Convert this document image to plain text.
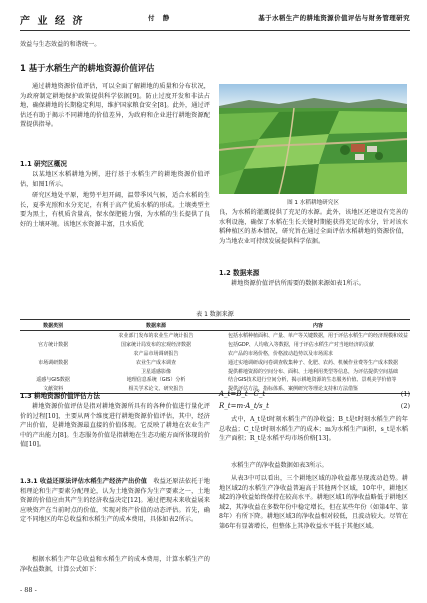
产 业 经 济	付 静	基于水稻生产的耕地资源价值评估与财务管理研究

效益与生态效益的和谐统一。

1 基于水稻生产的耕地资源价值评估

通过耕地资源价值评估，可以全面了解耕地的质量和分布状况，为政府制定耕地保护政策提供科学依据[9]。防止过度开发和非法占地，确保耕地的长期稳定利用，维护国家粮食安全[8]。此外，通过评估还有助于揭示不同耕地的价值差异，为政府和企业进行耕地资源配置提供指导。

1.1 研究区概况

以某地区水稻耕地为例，进行基于水稻生产的耕地资源价值评估，如图1所示。

研究区地处平原，地势平坦开阔，温带季风气候，适合水稻的生长，夏季光照和水分充足，有利于高产优质水稻的形成。土壤类型主要为黑土，有机质含量高，保水保肥能力强，为水稻的生长提供了良好的土壤环境。该地区水资源丰富，且水质优

图 1 水稻耕地研究区

良，为水稻的灌溉提供了充足的水源。此外，该地区还建设有完善的水利设施，确保了水稻在生长关键时期能获得充足的水分，针对该水稻种植区的基本情况，研究旨在通过全面评估水稻耕地的资源价值，为当地农业可持续发展提供科学依据。

1.2 数据来源

耕地资源价值评估所需要的数据来源如表1所示。

表 1 数据来源
数据类别	数据来源	内容
	农业部门发布的农业生产统计报告	包括水稻种植面积、产量、单产等关键数据，用于评估水稻生产的经济规模和效益
官方统计数据	国家统计局发布的宏观经济数据	包括GDP、人均收入等数据，用于评估水稻生产对当地经济的贡献
	农产品市场调研报告	农产品的市场价格，价格波动趋势以及市场需求
市场调研数据	农业生产成本调查	通过实地调研或问卷调查收集种子、化肥、农药、机械作业费等生产成本数据
	卫星遥感影像	提供耕地资源的空间分布、面积、土地利用类型等信息，为评估提供空间基础
遥感与GIS数据	地理信息系统（GIS）分析	结合GIS技术进行空间分析，揭示耕地资源的生态服务价值、景观美学价值等
文献资料	相关学术论文、研究报告	提供评估方法、指标体系、案例研究等理论支持和方法借鉴
1.3 耕地资源价值评估方法

耕地资源价值评估是指对耕地资源所具有的各种价值进行量化评价的过程[10]，主要从两个维度进行耕地资源价值评估，其中，经济产出价值，是耕地资源最直接的价值体现。它反映了耕地在农业生产中的产出能力[8]。生态服务价值是指耕地在生态功能方面所体现的价值[10]。

1.3.1 收益还原法评估水稻生产经济产出价值  收益还原法依托于地租理论和生产要素分配理论，认为土地资源作为生产要素之一，土地资源的价值应由其产生的经济收益决定[12]。通过把现未来收益展来应映资产在当前时点的价值，实现对资产价值的动态评估。首先，确定不同地区的年总收益和水稻生产的成本费用，具体如表2所示。

根据水稻生产年总收益和水稻生产的成本费用，计算水稻生产的净收益数据，计算公式如下：

A_t=B_t−C_t	(1)
R_t=m·A_t/s_t	(2)

式中，A_t是t时刻水稻生产的净收益；B_t是t时刻水稻生产的年总收益；C_t是t时刻水稻生产的成本；m为水稻生产面积，s_t是水稻生产面积；R_t是水稻平均市场价格[13]。

水稻生产的净收益数据如表3所示。

从表3中可以看出，三个耕地区域的净收益都呈现波动趋势。耕地区域2的水稻生产净收益普遍高于其他两个区域，10年中，耕地区域2的净收益始终保持在较高水平。耕地区域1的净收益略低于耕地区域2，其净收益在多数年份中稳定增长，但在某些年份（如第4年、第8年）有所下降。耕地区域3的净收益相对较低，且波动较大。尽管在第6年有显著增长，但整体上其净收益水平低于其他区域。

- 88 -
